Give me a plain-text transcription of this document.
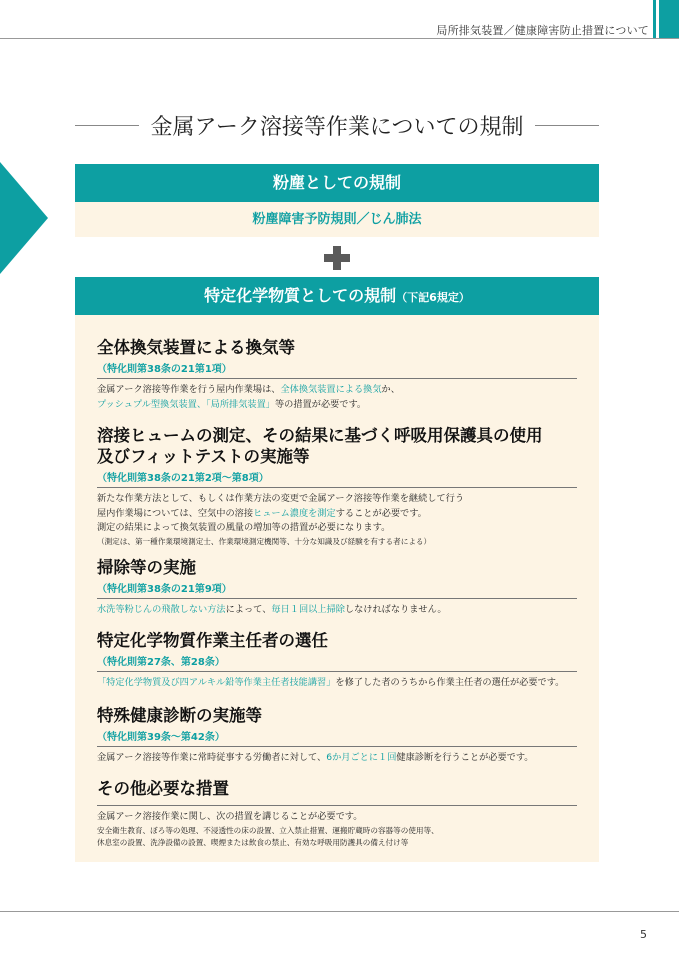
局所排気装置／健康障害防止措置について
金属アーク溶接等作業についての規制
粉塵としての規制
粉塵障害予防規則／じん肺法
特定化学物質としての規制（下記6規定）
全体換気装置による換気等
（特化則第38条の21第1項）
金属アーク溶接等作業を行う屋内作業場は、全体換気装置による換気か、
プッシュプル型換気装置、「局所排気装置」等の措置が必要です。
溶接ヒュームの測定、その結果に基づく呼吸用保護具の使用
及びフィットテストの実施等
（特化則第38条の21第2項〜第8項）
新たな作業方法として、もしくは作業方法の変更で金属アーク溶接等作業を継続して行う
屋内作業場については、空気中の溶接ヒューム濃度を測定することが必要です。
測定の結果によって換気装置の風量の増加等の措置が必要になります。
（測定は、第一種作業環境測定士、作業環境測定機関等、十分な知識及び経験を有する者による）
掃除等の実施
（特化則第38条の21第9項）
水洗等粉じんの飛散しない方法によって、毎日１回以上掃除しなければなりません。
特定化学物質作業主任者の選任
（特化則第27条、第28条）
「特定化学物質及び四アルキル鉛等作業主任者技能講習」を修了した者のうちから作業主任者の選任が必要です。
特殊健康診断の実施等
（特化則第39条〜第42条）
金属アーク溶接等作業に常時従事する労働者に対して、6か月ごとに１回健康診断を行うことが必要です。
その他必要な措置
金属アーク溶接作業に関し、次の措置を講じることが必要です。
安全衛生教育、ぼろ等の処理、不浸透性の床の設置、立入禁止措置、運搬貯蔵時の容器等の使用等、
休息室の設置、洗浄設備の設置、喫煙または飲食の禁止、有効な呼吸用防護具の備え付け等
5
